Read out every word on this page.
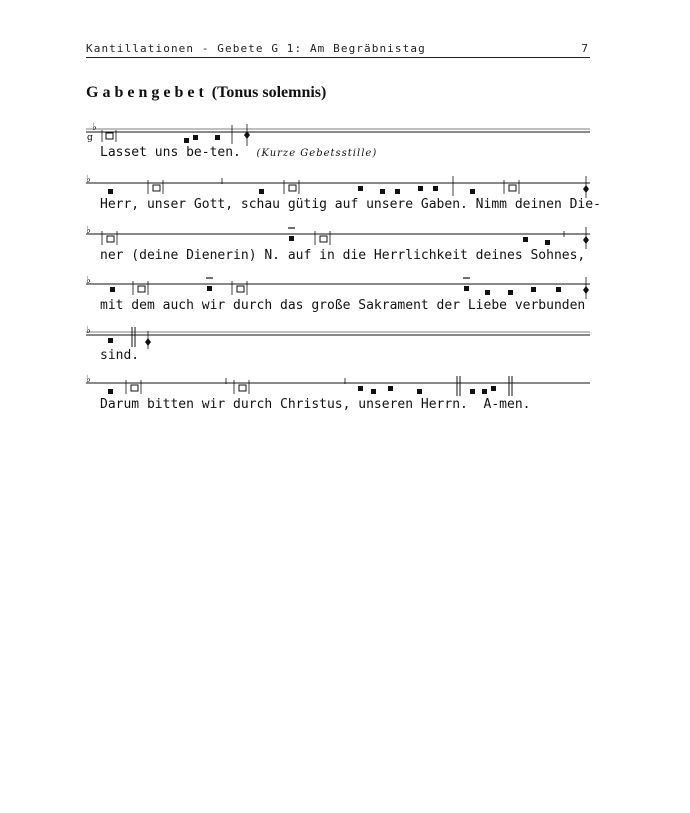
Kantillationen - Gebete G 1: Am Begräbnistag	7
Gabengebet (Tonus solemnis)
♭
g
Lasset uns be-ten. (Kurze Gebetsstille)
♭
Herr, unser Gott, schau gütig auf unsere Gaben. Nimm deinen Die-
♭
ner (deine Dienerin) N. auf in die Herrlichkeit deines Sohnes,
♭
mit dem auch wir durch das große Sakrament der Liebe verbunden
♭
sind.
♭
Darum bitten wir durch Christus, unseren Herrn.  A-men.
